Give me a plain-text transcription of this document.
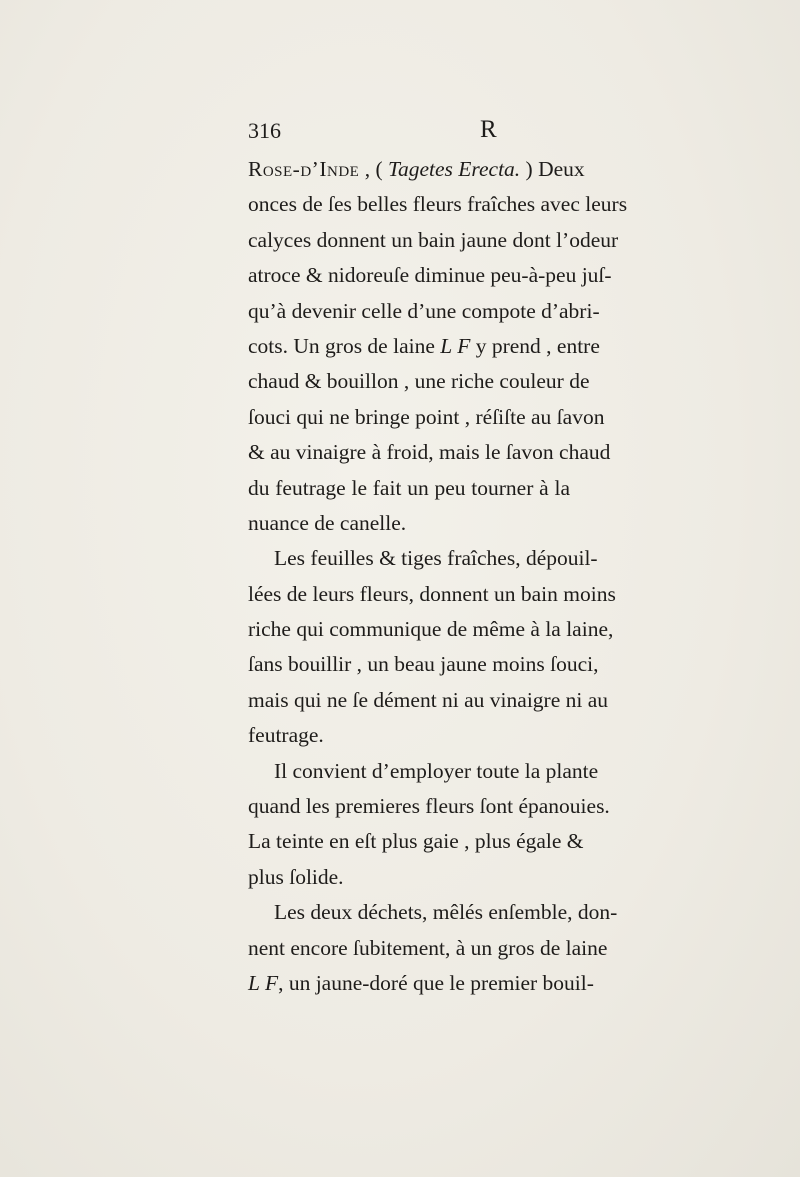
316	R
Rose-d’Inde , ( Tagetes Erecta. ) Deux
onces de ſes belles fleurs fraîches avec leurs
calyces donnent un bain jaune dont l’odeur
atroce & nidoreuſe diminue peu-à-peu juſ-
qu’à devenir celle d’une compote d’abri-
cots. Un gros de laine L F y prend , entre
chaud & bouillon , une riche couleur de
ſouci qui ne bringe point , réſiſte au ſavon
& au vinaigre à froid, mais le ſavon chaud
du feutrage le fait un peu tourner à la
nuance de canelle.
Les feuilles & tiges fraîches, dépouil-
lées de leurs fleurs, donnent un bain moins
riche qui communique de même à la laine,
ſans bouillir , un beau jaune moins ſouci,
mais qui ne ſe dément ni au vinaigre ni au
feutrage.
Il convient d’employer toute la plante
quand les premieres fleurs ſont épanouies.
La teinte en eſt plus gaie , plus égale &
plus ſolide.
Les deux déchets, mêlés enſemble, don-
nent encore ſubitement, à un gros de laine
L F, un jaune-doré que le premier bouil-
